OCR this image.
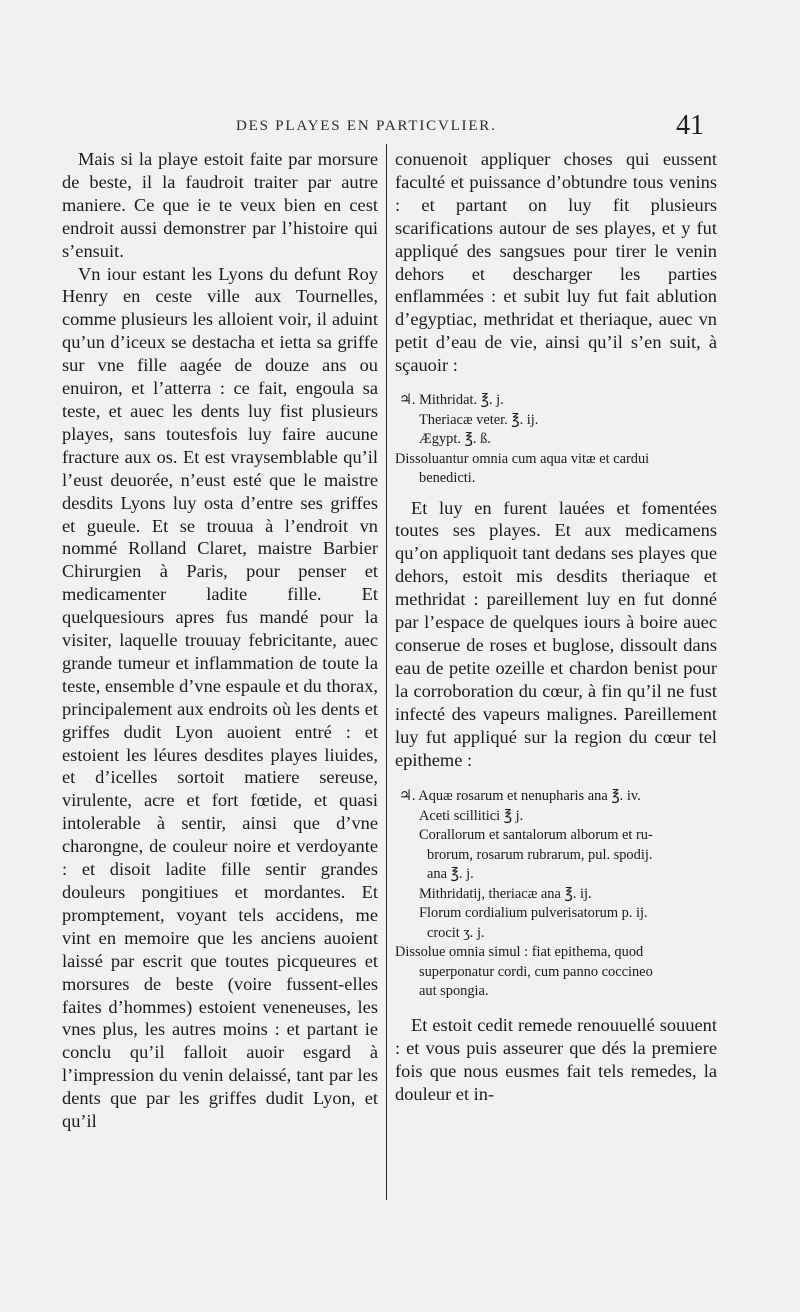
DES PLAYES EN PARTICVLIER.	41

Mais si la playe estoit faite par morsure de beste, il la faudroit traiter par autre maniere. Ce que ie te veux bien en cest endroit aussi demonstrer par l’histoire qui s’ensuit.

Vn iour estant les Lyons du defunt Roy Henry en ceste ville aux Tournelles, comme plusieurs les alloient voir, il aduint qu’un d’iceux se destacha et ietta sa griffe sur vne fille aagée de douze ans ou enuiron, et l’atterra : ce fait, engoula sa teste, et auec les dents luy fist plusieurs playes, sans toutesfois luy faire aucune fracture aux os. Et est vraysemblable qu’il l’eust deuorée, n’eust esté que le maistre desdits Lyons luy osta d’entre ses griffes et gueule. Et se trouua à l’endroit vn nommé Rolland Claret, maistre Barbier Chirurgien à Paris, pour penser et medicamenter ladite fille. Et quelquesiours apres fus mandé pour la visiter, laquelle trouuay febricitante, auec grande tumeur et inflammation de toute la teste, ensemble d’vne espaule et du thorax, principalement aux endroits où les dents et griffes dudit Lyon auoient entré : et estoient les léures desdites playes liuides, et d’icelles sortoit matiere sereuse, virulente, acre et fort fœtide, et quasi intolerable à sentir, ainsi que d’vne charongne, de couleur noire et verdoyante : et disoit ladite fille sentir grandes douleurs pongitiues et mordantes. Et promptement, voyant tels accidens, me vint en memoire que les anciens auoient laissé par escrit que toutes picqueures et morsures de beste (voire fussent-elles faites d’hommes) estoient veneneuses, les vnes plus, les autres moins : et partant ie conclu qu’il falloit auoir esgard à l’impression du venin delaissé, tant par les dents que par les griffes dudit Lyon, et qu’il

conuenoit appliquer choses qui eussent faculté et puissance d’obtundre tous venins : et partant on luy fit plusieurs scarifications autour de ses playes, et y fut appliqué des sangsues pour tirer le venin dehors et descharger les parties enflammées : et subit luy fut fait ablution d’egyptiac, methridat et theriaque, auec vn petit d’eau de vie, ainsi qu’il s’en suit, à sçauoir :

♃. Mithridat. ℥. j.
Theriacæ veter. ℥. ij.
Ægypt. ℥. ß.
Dissoluantur omnia cum aqua vitæ et cardui
benedicti.

Et luy en furent lauées et fomentées toutes ses playes. Et aux medicamens qu’on appliquoit tant dedans ses playes que dehors, estoit mis desdits theriaque et methridat : pareillement luy en fut donné par l’espace de quelques iours à boire auec conserue de roses et buglose, dissoult dans eau de petite ozeille et chardon benist pour la corroboration du cœur, à fin qu’il ne fust infecté des vapeurs malignes. Pareillement luy fut appliqué sur la region du cœur tel epitheme :

♃. Aquæ rosarum et nenupharis ana ℥. iv.
Aceti scillitici ℥ j.
Corallorum et santalorum alborum et ru-
brorum, rosarum rubrarum, pul. spodij.
ana ℥. j.
Mithridatij, theriacæ ana ℥. ij.
Florum cordialium pulverisatorum p. ij.
crocit ʒ. j.
Dissolue omnia simul : fiat epithema, quod
superponatur cordi, cum panno coccineo
aut spongia.

Et estoit cedit remede renouuellé souuent : et vous puis asseurer que dés la premiere fois que nous eusmes fait tels remedes, la douleur et in-
